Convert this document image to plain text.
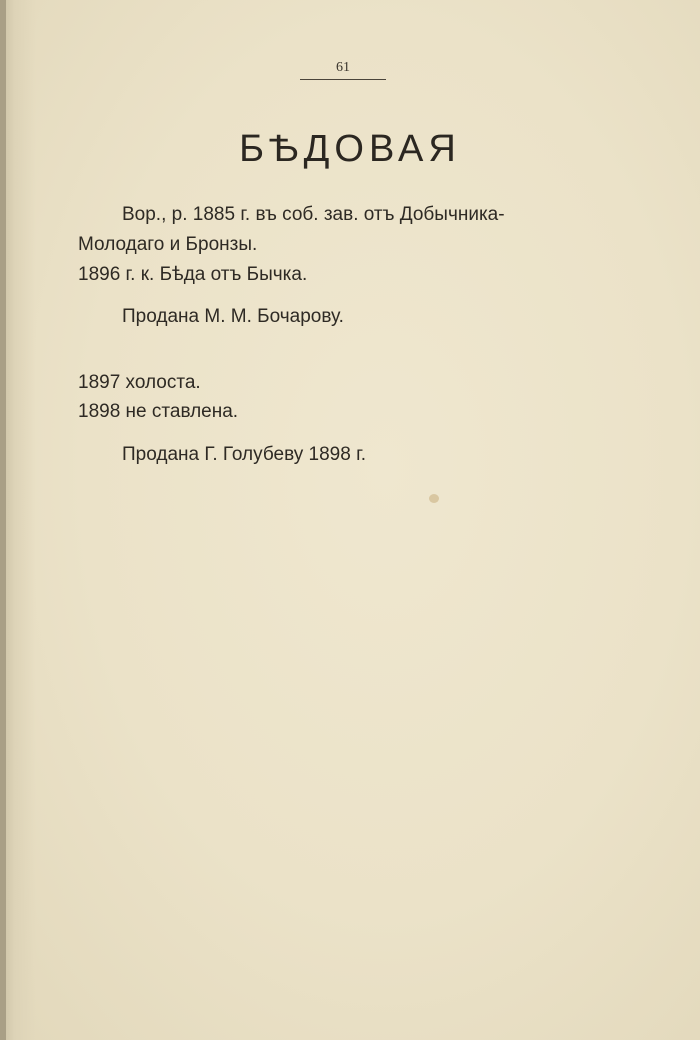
61
БѢДОВАЯ
Вор., р. 1885 г. въ соб. зав. отъ Добычника-
Молодаго и Бронзы.
1896 г. к. Бѣда отъ Бычка.
Продана М. М. Бочарову.
1897 холоста.
1898 не ставлена.
Продана Г. Голубеву 1898 г.
